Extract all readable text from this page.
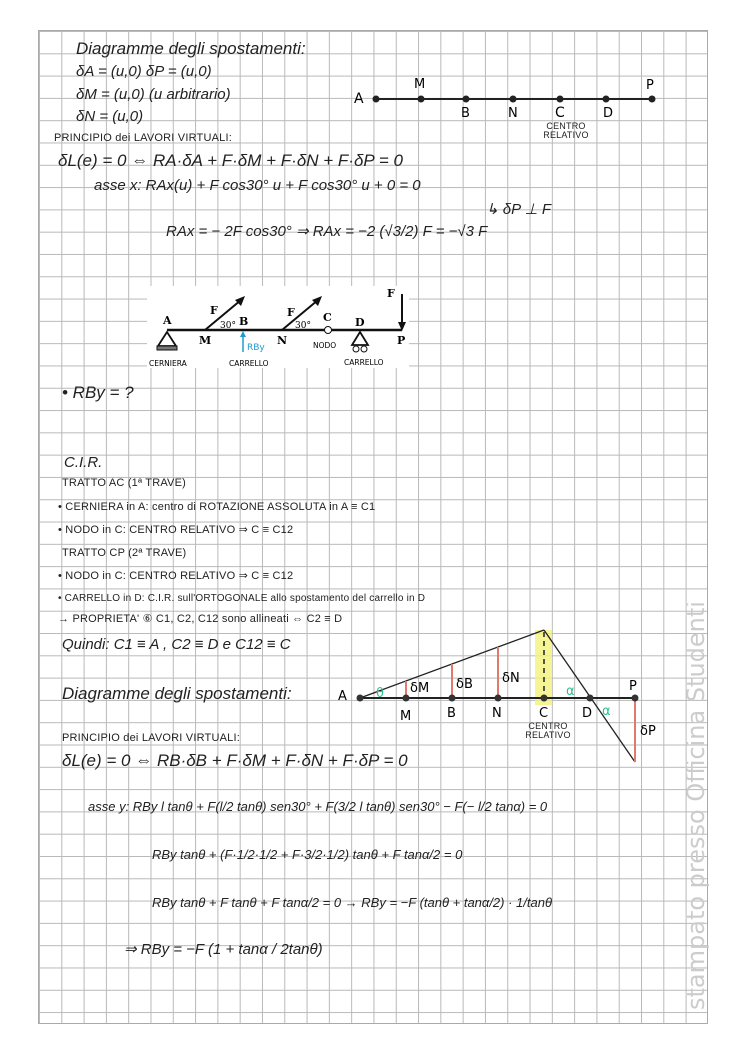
Diagramme degli spostamenti:
δA = (u,0) δP = (u,0)
δM = (u,0) (u arbitrario)
δN = (u,0)
A
M
B	N	C	D
P
CENTRO RELATIVO
PRINCIPIO dei LAVORI VIRTUALI:
δL(e) = 0 ⇔ RA·δA + F·δM + F·δN + F·δP = 0
asse x: RAx(u) + F cos30° u + F cos30° u + 0 = 0
↳ δP ⊥ F
RAx = − 2F cos30° ⇒ RAx = −2 (√3/2) F = −√3 F
A
M
B
N
C D
P
F	F
F
30°	30°
RBy
CERNIERA	CARRELLO
NODO
CARRELLO
• RBy = ?
C.I.R.
TRATTO AC (1ª TRAVE)
• CERNIERA in A: centro di ROTAZIONE ASSOLUTA in A ≡ C1
• NODO in C: CENTRO RELATIVO ⇒ C ≡ C12
TRATTO CP (2ª TRAVE)
• NODO in C: CENTRO RELATIVO ⇒ C ≡ C12
• CARRELLO in D: C.I.R. sull'ORTOGONALE allo spostamento del carrello in D
→ PROPRIETA' ⑥ C1, C2, C12 sono allineati ⇔ C2 ≡ D
Quindi: C1 ≡ A , C2 ≡ D e C12 ≡ C
Diagramme degli spostamenti:	A
M	B	N	C	D
P
δM δB δN
δP
θ	α
α
CENTRO RELATIVO
PRINCIPIO dei LAVORI VIRTUALI:
δL(e) = 0 ⇔ RB·δB + F·δM + F·δN + F·δP = 0
asse y: RBy l tanθ + F(l/2 tanθ) sen30° + F(3/2 l tanθ) sen30° − F(− l/2 tanα) = 0
RBy tanθ + (F·1/2·1/2 + F·3/2·1/2) tanθ + F tanα/2 = 0
RBy tanθ + F tanθ + F tanα/2 = 0 → RBy = −F (tanθ + tanα/2) · 1/tanθ
⇒ RBy = −F (1 + tanα / 2tanθ)	stampato presso Officina Studenti
